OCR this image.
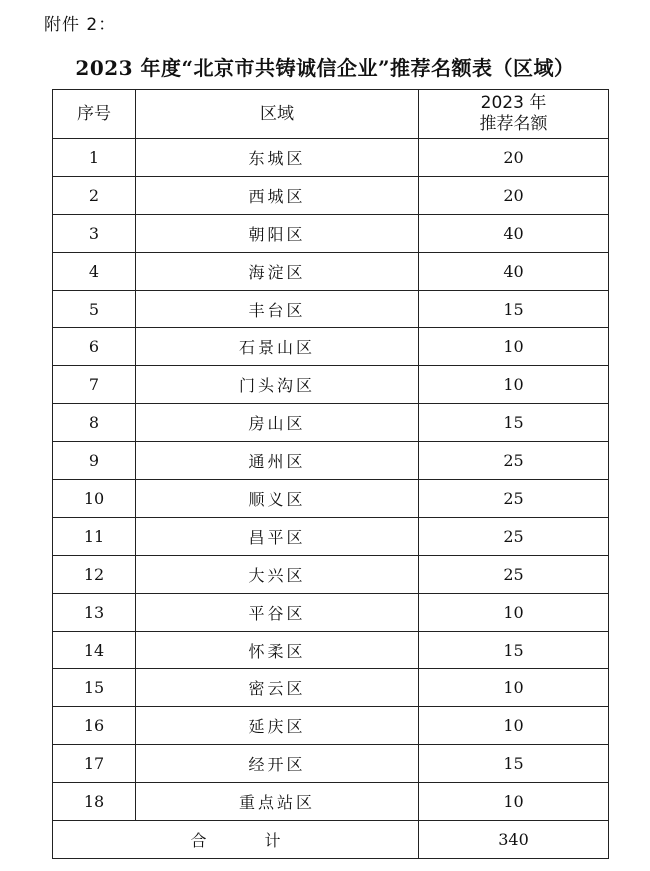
附件 2：
2023 年度“北京市共铸诚信企业”推荐名额表（区域）
序号	区域	2023 年
推荐名额

1	东城区	20
2	西城区	20
3	朝阳区	40
4	海淀区	40
5	丰台区	15
6	石景山区	10
7	门头沟区	10
8	房山区	15
9	通州区	25
10	顺义区	25
11	昌平区	25
12	大兴区	25
13	平谷区	10
14	怀柔区	15
15	密云区	10
16	延庆区	10
17	经开区	15
18	重点站区	10
合 计		340
